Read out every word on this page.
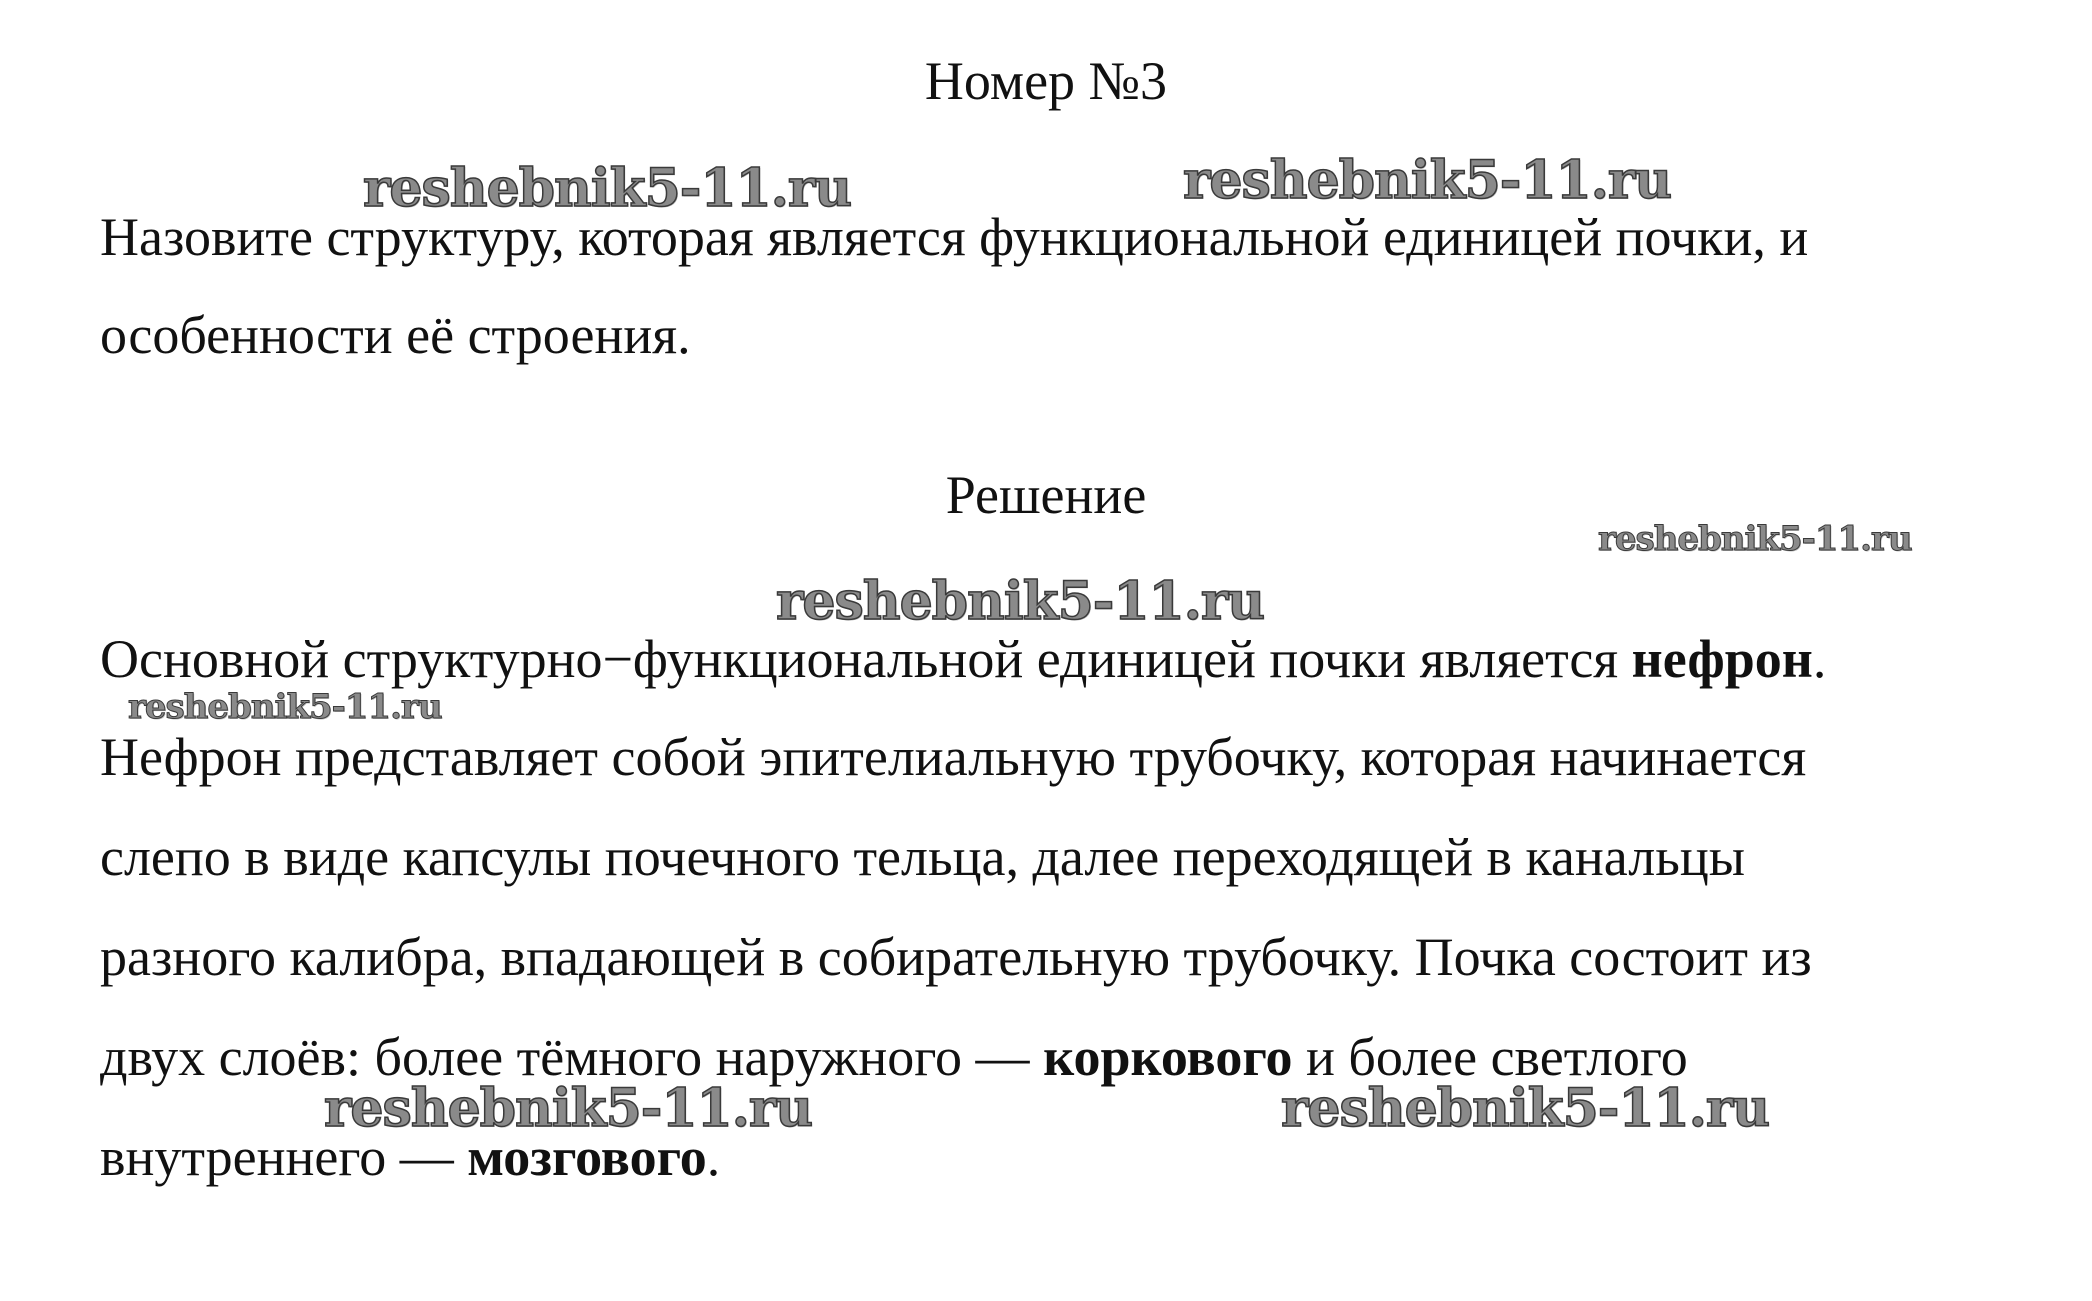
Номер №3
reshebnik5-11.ru	reshebnik5-11.ru
Назовите структуру, которая является функциональной единицей почки, и
особенности её строения.
Решение
reshebnik5-11.ru
reshebnik5-11.ru
Основной структурно−функциональной единицей почки является нефрон.
reshebnik5-11.ru
Нефрон представляет собой эпителиальную трубочку, которая начинается
слепо в виде капсулы почечного тельца, далее переходящей в канальцы
разного калибра, впадающей в собирательную трубочку. Почка состоит из
двух слоёв: более тёмного наружного — коркового и более светлого
reshebnik5-11.ru	reshebnik5-11.ru
внутреннего — мозгового.
